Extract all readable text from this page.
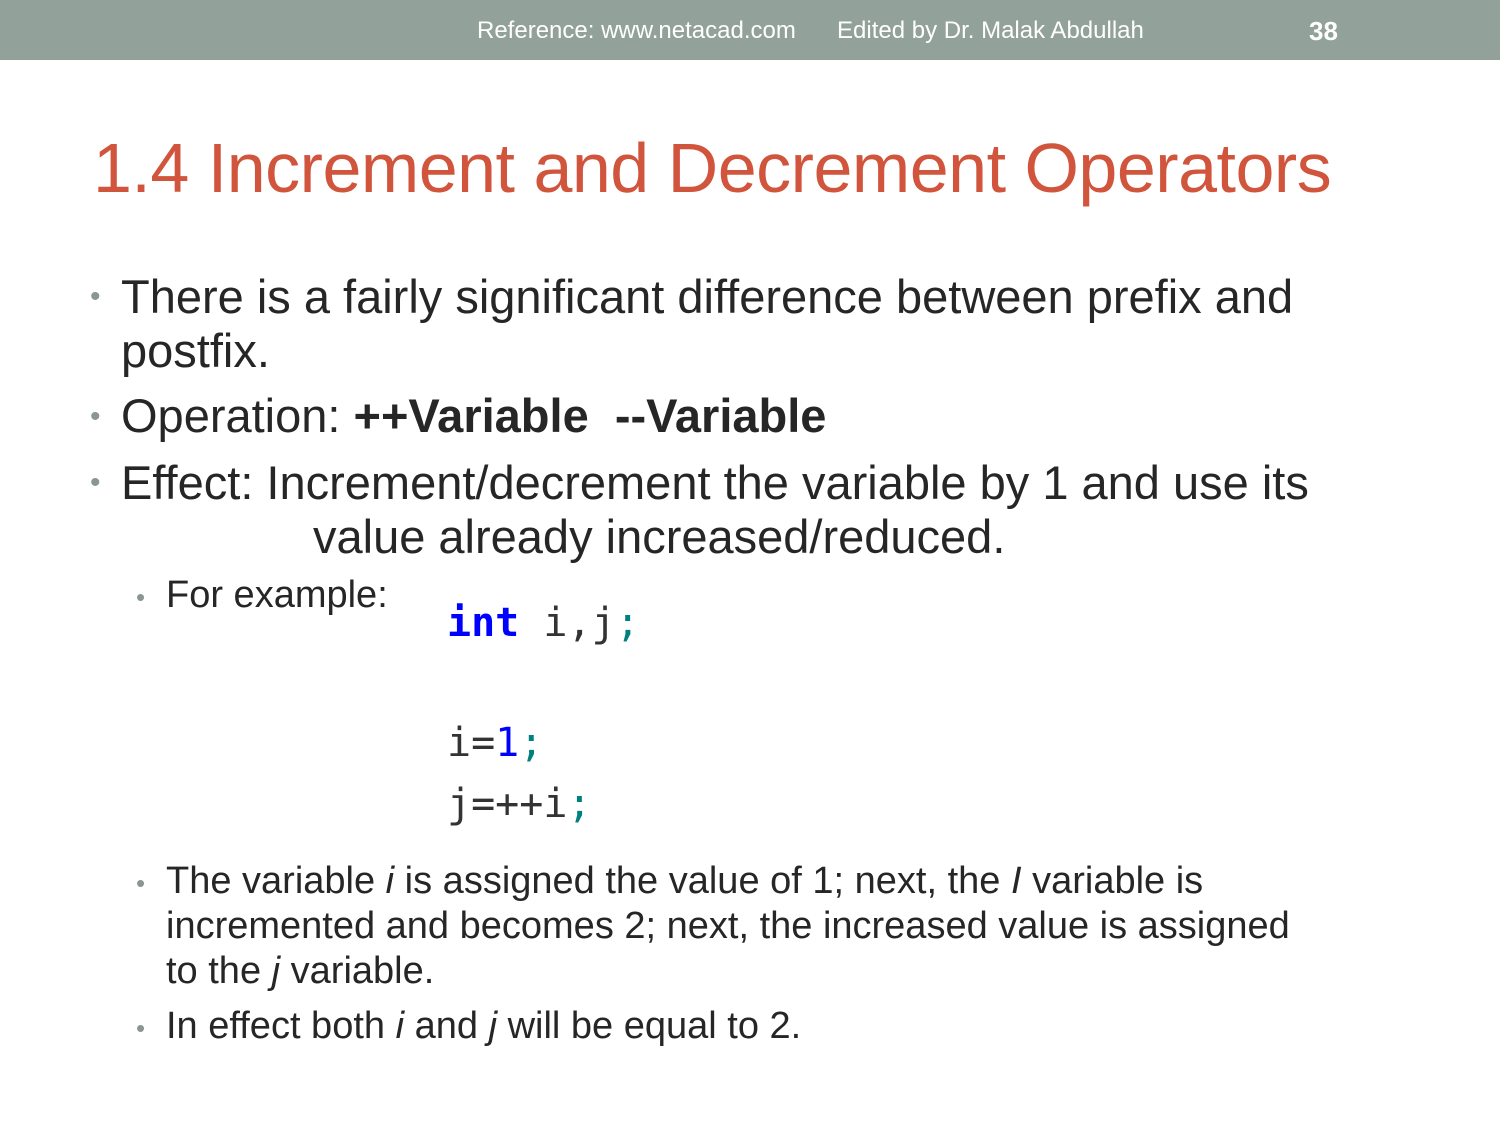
Reference: www.netacad.com Edited by Dr. Malak Abdullah	38
1.4 Increment and Decrement Operators
• There is a fairly significant difference between prefix and
postfix.
• Operation: ++Variable  --Variable
• Effect: Increment/decrement the variable by 1 and use its
value already increased/reduced.
• For example:
int i,j;
i=1;
j=++i;
• The variable i is assigned the value of 1; next, the I variable is
incremented and becomes 2; next, the increased value is assigned
to the j variable.
• In effect both i and j will be equal to 2.
